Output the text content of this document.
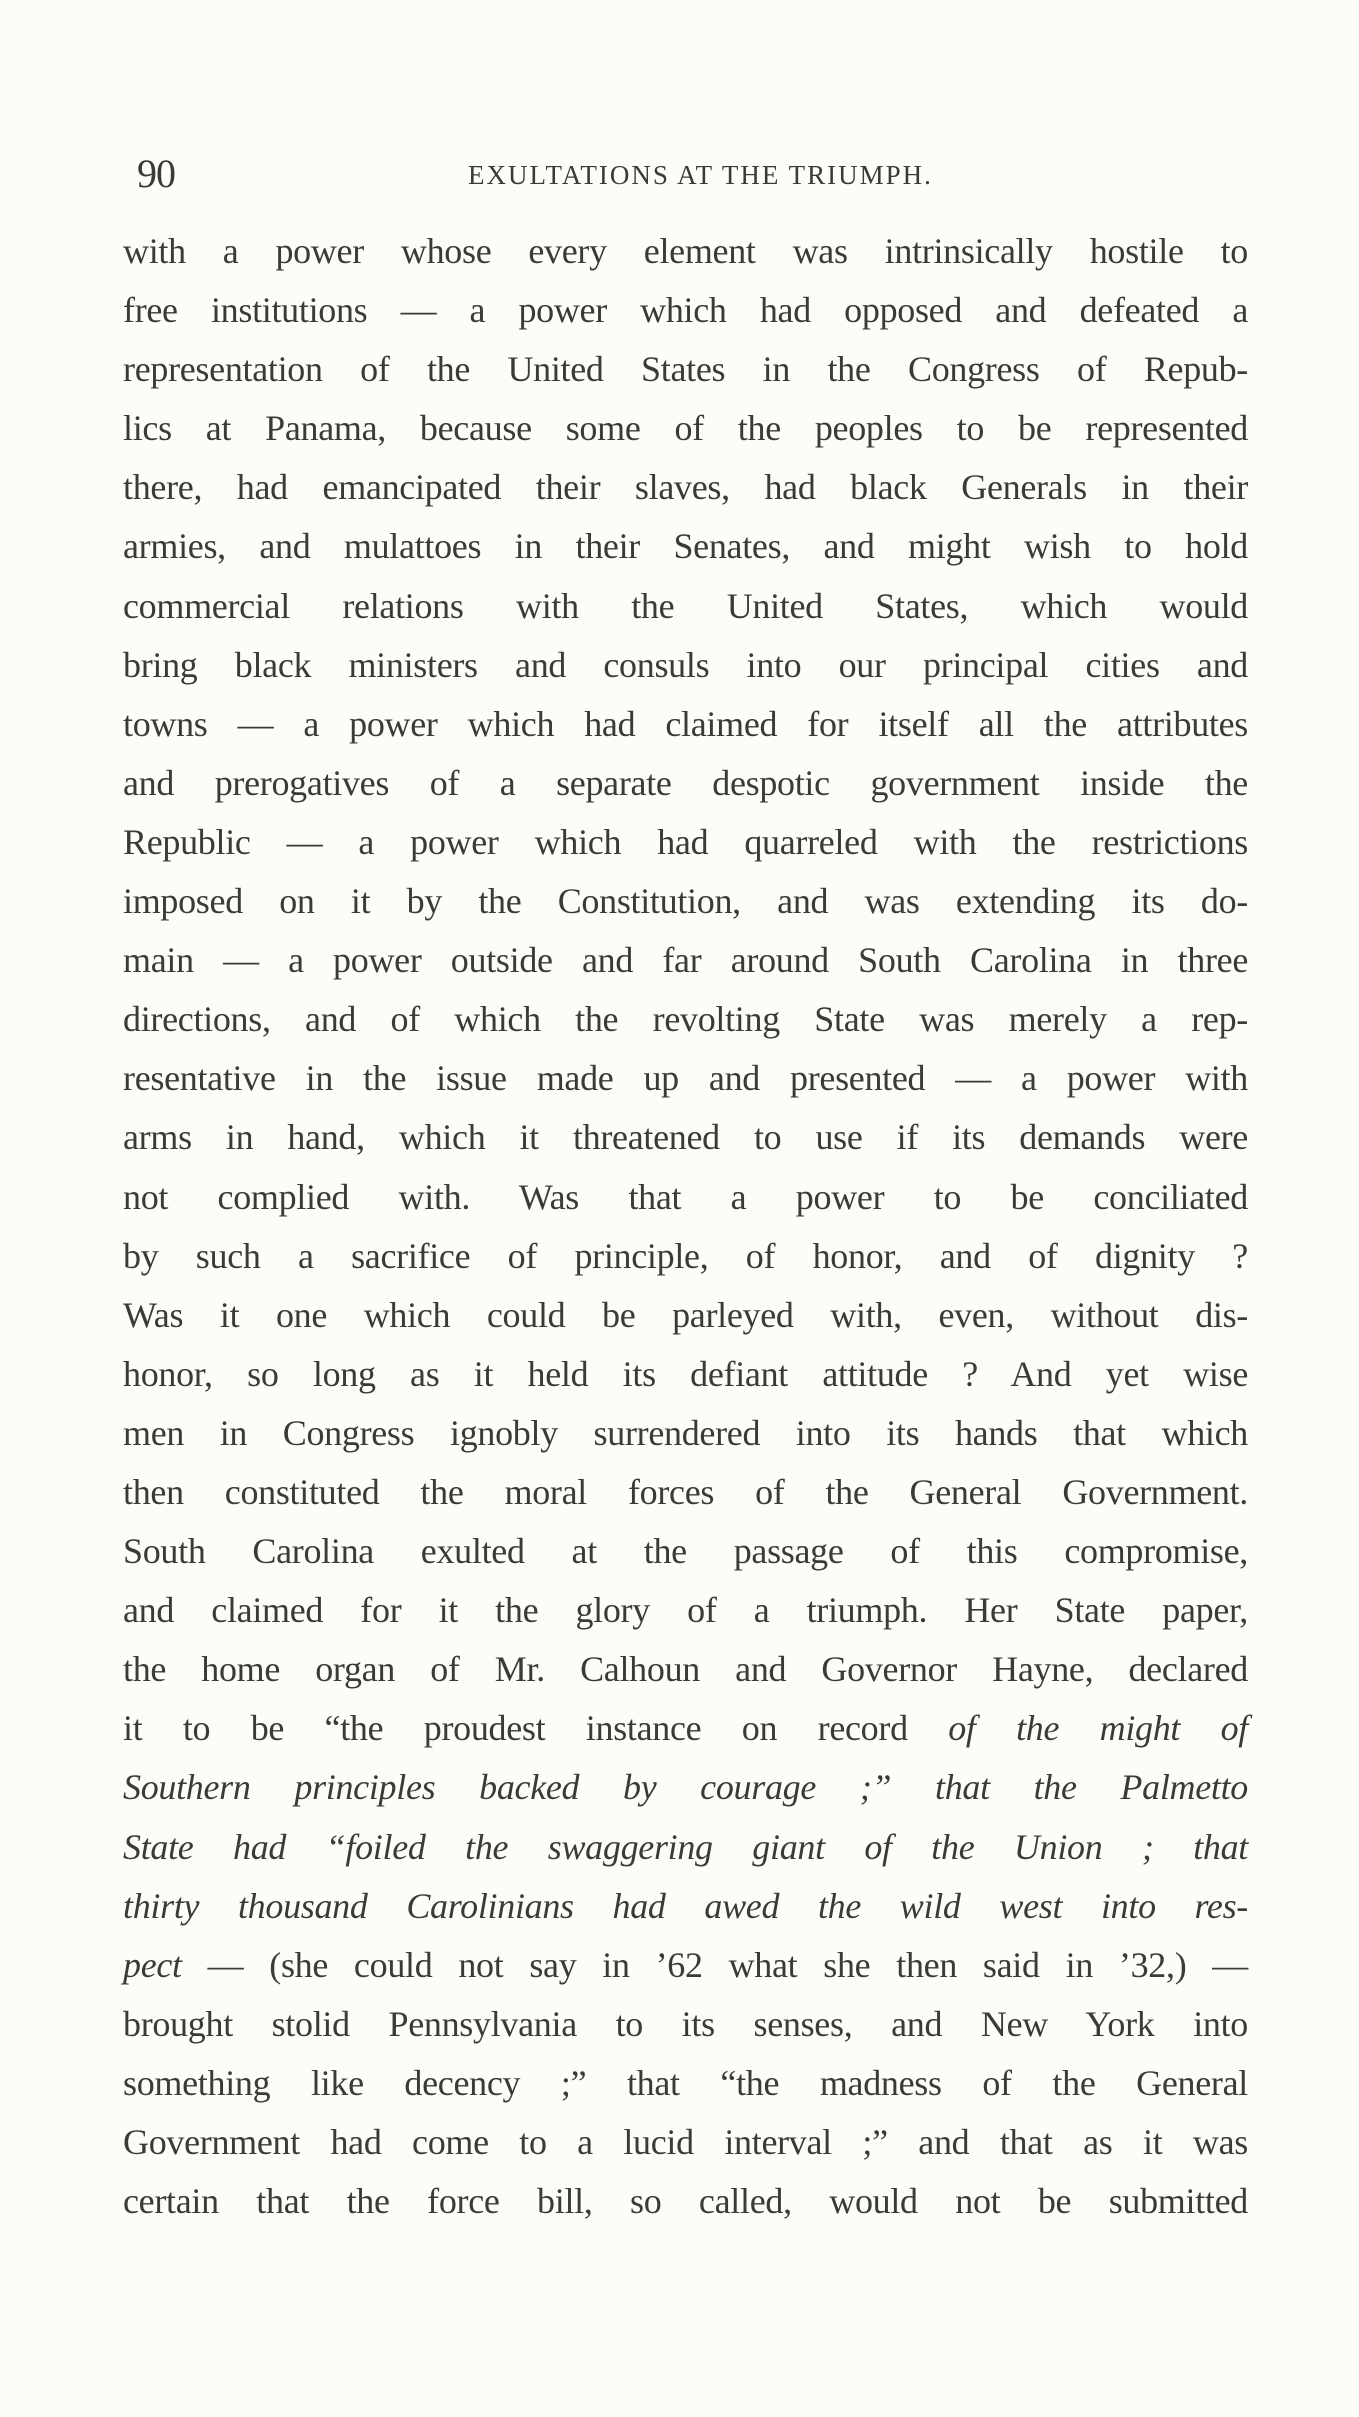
90	EXULTATIONS AT THE TRIUMPH.
with a power whose every element was intrinsically hostile to
free institutions — a power which had opposed and defeated a
representation of the United States in the Congress of Repub-
lics at Panama, because some of the peoples to be represented
there, had emancipated their slaves, had black Generals in their
armies, and mulattoes in their Senates, and might wish to hold
commercial relations with the United States, which would
bring black ministers and consuls into our principal cities and
towns — a power which had claimed for itself all the attributes
and prerogatives of a separate despotic government inside the
Republic — a power which had quarreled with the restrictions
imposed on it by the Constitution, and was extending its do-
main — a power outside and far around South Carolina in three
directions, and of which the revolting State was merely a rep-
resentative in the issue made up and presented — a power with
arms in hand, which it threatened to use if its demands were
not complied with. Was that a power to be conciliated
by such a sacrifice of principle, of honor, and of dignity ?
Was it one which could be parleyed with, even, without dis-
honor, so long as it held its defiant attitude ? And yet wise
men in Congress ignobly surrendered into its hands that which
then constituted the moral forces of the General Government.
South Carolina exulted at the passage of this compromise,
and claimed for it the glory of a triumph. Her State paper,
the home organ of Mr. Calhoun and Governor Hayne, declared
it to be “the proudest instance on record of the might of
Southern principles backed by courage ;” that the Palmetto
State had “foiled the swaggering giant of the Union ; that
thirty thousand Carolinians had awed the wild west into res-
pect — (she could not say in ’62 what she then said in ’32,) —
brought stolid Pennsylvania to its senses, and New York into
something like decency ;” that “the madness of the General
Government had come to a lucid interval ;” and that as it was
certain that the force bill, so called, would not be submitted
